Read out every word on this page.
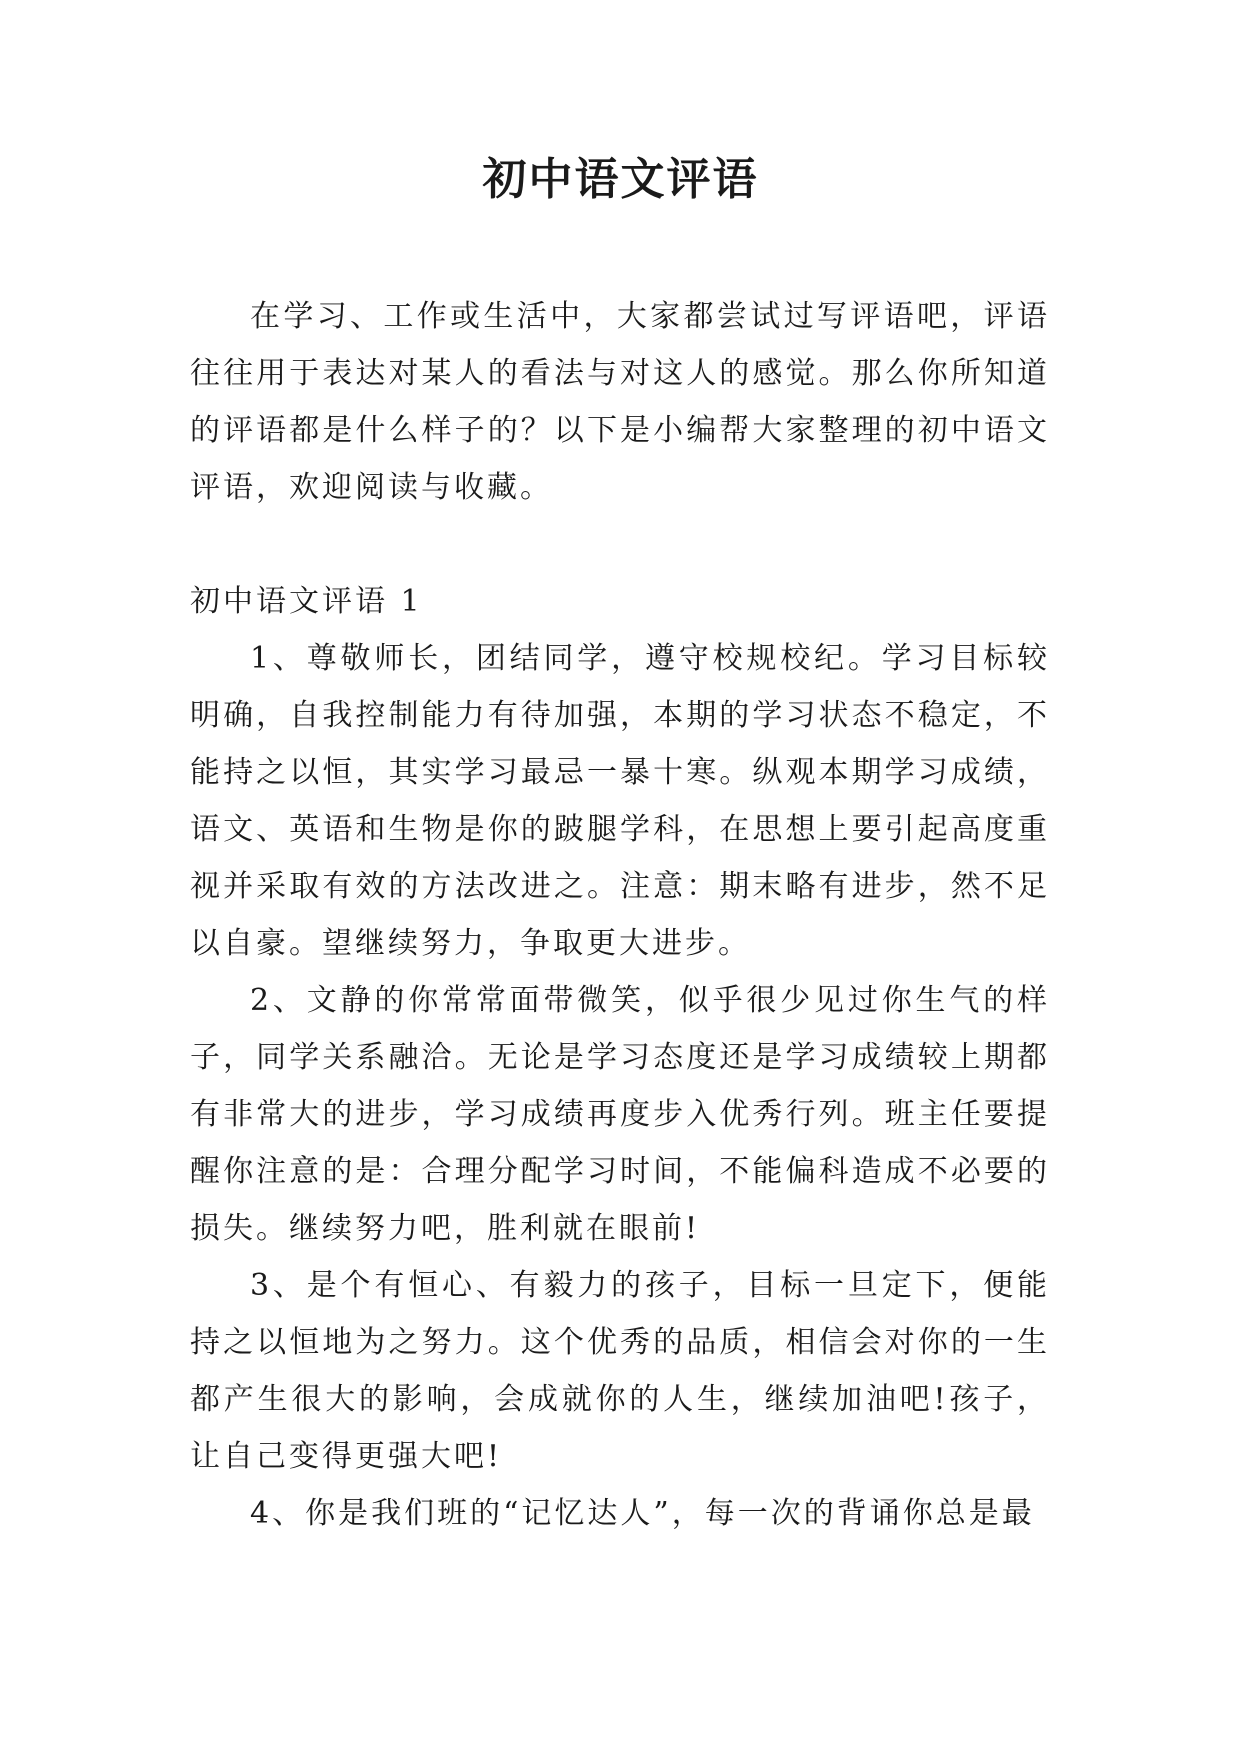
初中语文评语

在学习、工作或生活中，大家都尝试过写评语吧，评语往往用于表达对某人的看法与对这人的感觉。那么你所知道的评语都是什么样子的？以下是小编帮大家整理的初中语文评语，欢迎阅读与收藏。

初中语文评语 1

1、尊敬师长，团结同学，遵守校规校纪。学习目标较明确，自我控制能力有待加强，本期的学习状态不稳定，不能持之以恒，其实学习最忌一暴十寒。纵观本期学习成绩，语文、英语和生物是你的跛腿学科，在思想上要引起高度重视并采取有效的方法改进之。注意：期末略有进步，然不足以自豪。望继续努力，争取更大进步。

2、文静的你常常面带微笑，似乎很少见过你生气的样子，同学关系融洽。无论是学习态度还是学习成绩较上期都有非常大的进步，学习成绩再度步入优秀行列。班主任要提醒你注意的是：合理分配学习时间，不能偏科造成不必要的损失。继续努力吧，胜利就在眼前!

3、是个有恒心、有毅力的孩子，目标一旦定下，便能持之以恒地为之努力。这个优秀的品质，相信会对你的一生都产生很大的影响，会成就你的人生，继续加油吧!孩子，让自己变得更强大吧!

4、你是我们班的“记忆达人”，每一次的背诵你总是最
